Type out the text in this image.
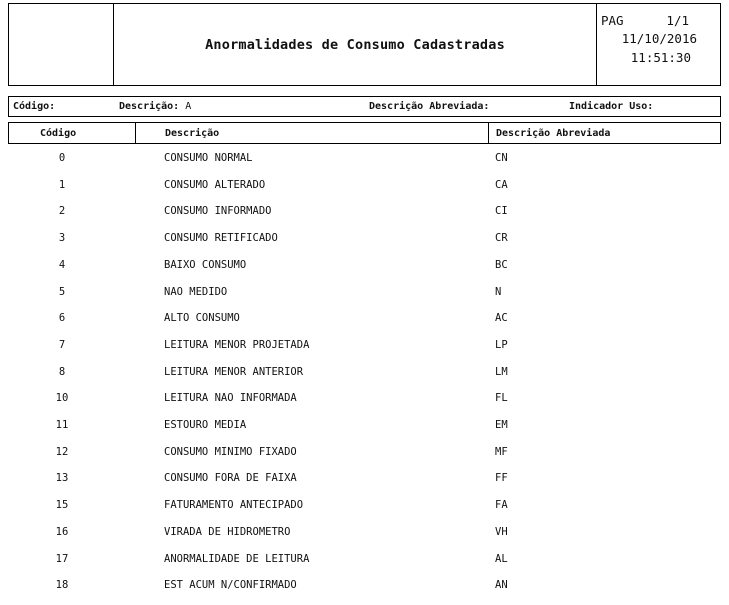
Anormalidades de Consumo Cadastradas
PAG	1/1
11/10/2016
11:51:30
Código:	Descrição: A	Descrição Abreviada:	Indicador Uso:
Código	Descrição	Descrição Abreviada
0	CONSUMO NORMAL	CN
1	CONSUMO ALTERADO	CA
2	CONSUMO INFORMADO	CI
3	CONSUMO RETIFICADO	CR
4	BAIXO CONSUMO	BC
5	NAO MEDIDO	N
6	ALTO CONSUMO	AC
7	LEITURA MENOR PROJETADA	LP
8	LEITURA MENOR ANTERIOR	LM
10	LEITURA NAO INFORMADA	FL
11	ESTOURO MEDIA	EM
12	CONSUMO MINIMO FIXADO	MF
13	CONSUMO FORA DE FAIXA	FF
15	FATURAMENTO ANTECIPADO	FA
16	VIRADA DE HIDROMETRO	VH
17	ANORMALIDADE DE LEITURA	AL
18	EST ACUM N/CONFIRMADO	AN
